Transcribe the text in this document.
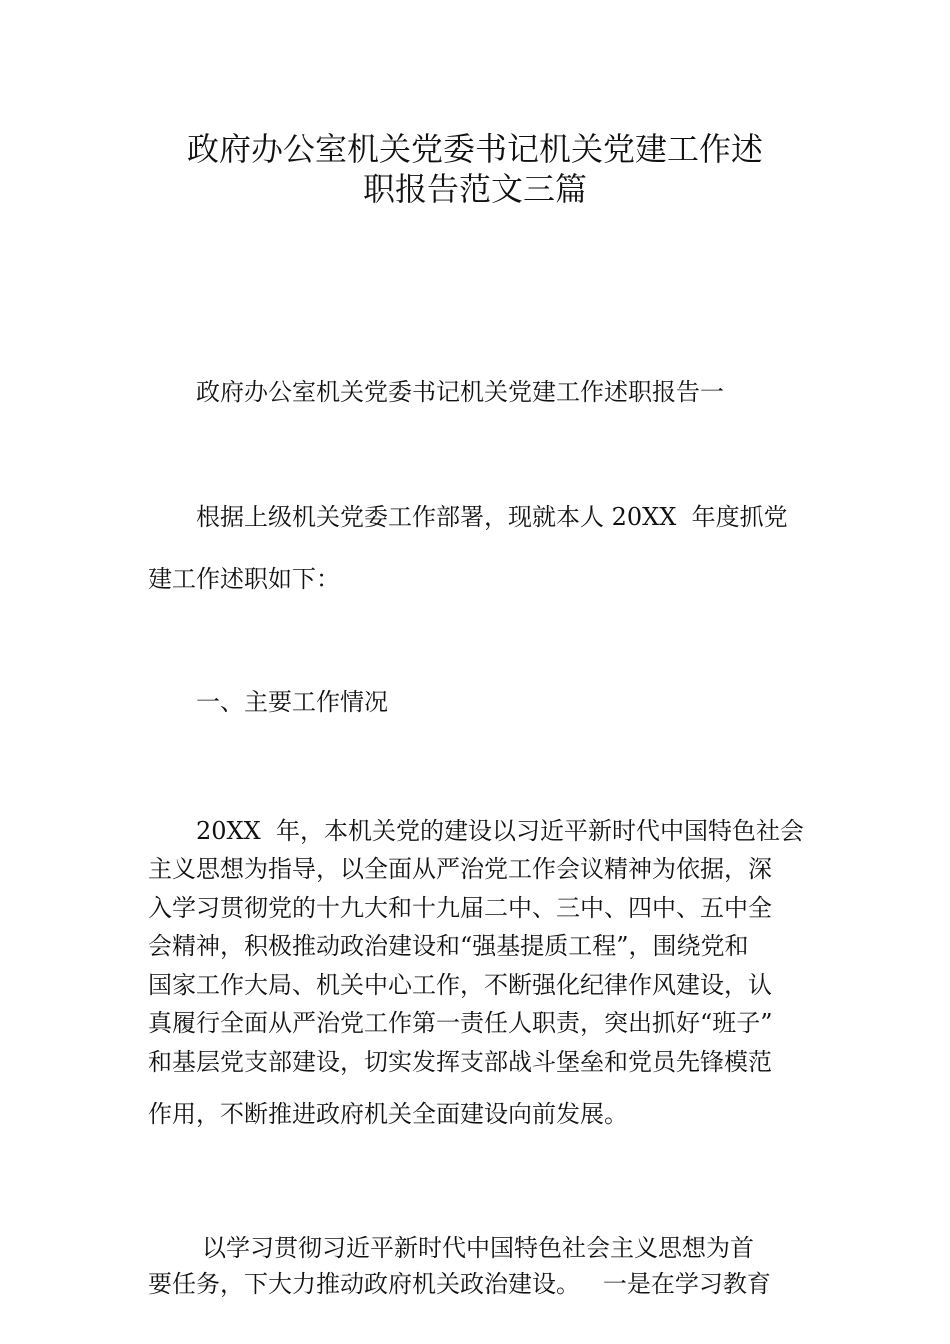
政府办公室机关党委书记机关党建工作述
职报告范文三篇
政府办公室机关党委书记机关党建工作述职报告一
根据上级机关党委工作部署，现就本人 20XX  年度抓党
建工作述职如下：
一、主要工作情况
20XX  年，本机关党的建设以习近平新时代中国特色社会
主义思想为指导，以全面从严治党工作会议精神为依据，深
入学习贯彻党的十九大和十九届二中、三中、四中、五中全
会精神，积极推动政治建设和“强基提质工程”，围绕党和
国家工作大局、机关中心工作，不断强化纪律作风建设，认
真履行全面从严治党工作第一责任人职责，突出抓好“班子”
和基层党支部建设，切实发挥支部战斗堡垒和党员先锋模范
作用，不断推进政府机关全面建设向前发展。
以学习贯彻习近平新时代中国特色社会主义思想为首
要任务，下大力推动政府机关政治建设。   一是在学习教育
